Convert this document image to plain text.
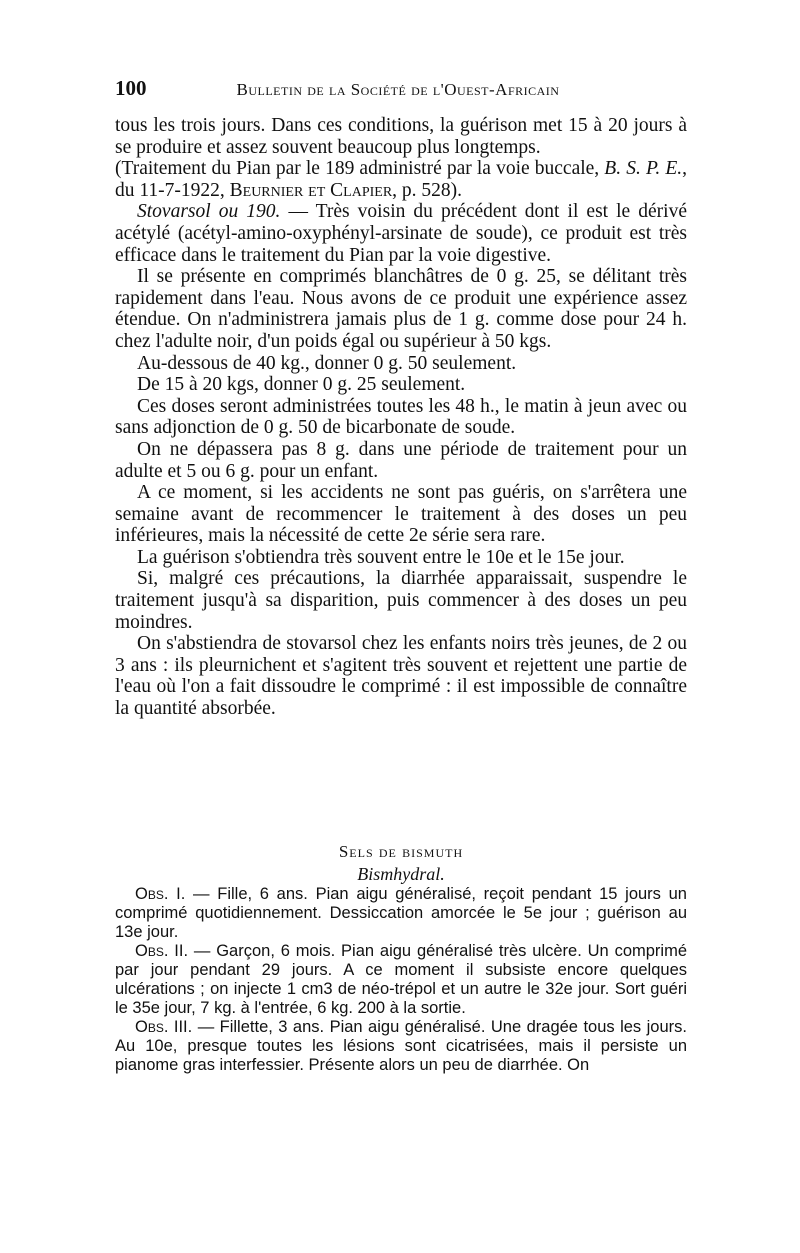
100	Bulletin de la Société de l'Ouest-Africain

tous les trois jours. Dans ces conditions, la guérison met 15 à 20 jours à se produire et assez souvent beaucoup plus longtemps.

(Traitement du Pian par le 189 administré par la voie buccale, B. S. P. E., du 11-7-1922, Beurnier et Clapier, p. 528).

Stovarsol ou 190. — Très voisin du précédent dont il est le dérivé acétylé (acétyl-amino-oxyphényl-arsinate de soude), ce produit est très efficace dans le traitement du Pian par la voie digestive.

Il se présente en comprimés blanchâtres de 0 g. 25, se délitant très rapidement dans l'eau. Nous avons de ce produit une expérience assez étendue. On n'administrera jamais plus de 1 g. comme dose pour 24 h. chez l'adulte noir, d'un poids égal ou supérieur à 50 kgs.

Au-dessous de 40 kg., donner 0 g. 50 seulement.

De 15 à 20 kgs, donner 0 g. 25 seulement.

Ces doses seront administrées toutes les 48 h., le matin à jeun avec ou sans adjonction de 0 g. 50 de bicarbonate de soude.

On ne dépassera pas 8 g. dans une période de traitement pour un adulte et 5 ou 6 g. pour un enfant.

A ce moment, si les accidents ne sont pas guéris, on s'arrêtera une semaine avant de recommencer le traitement à des doses un peu inférieures, mais la nécessité de cette 2e série sera rare.

La guérison s'obtiendra très souvent entre le 10e et le 15e jour.

Si, malgré ces précautions, la diarrhée apparaissait, suspendre le traitement jusqu'à sa disparition, puis commencer à des doses un peu moindres.

On s'abstiendra de stovarsol chez les enfants noirs très jeunes, de 2 ou 3 ans : ils pleurnichent et s'agitent très souvent et rejettent une partie de l'eau où l'on a fait dissoudre le comprimé : il est impossible de connaître la quantité absorbée.

Sels de bismuth
Bismhydral.

Obs. I. — Fille, 6 ans. Pian aigu généralisé, reçoit pendant 15 jours un comprimé quotidiennement. Dessiccation amorcée le 5e jour ; guérison au 13e jour.

Obs. II. — Garçon, 6 mois. Pian aigu généralisé très ulcère. Un comprimé par jour pendant 29 jours. A ce moment il subsiste encore quelques ulcérations ; on injecte 1 cm3 de néo-trépol et un autre le 32e jour. Sort guéri le 35e jour, 7 kg. à l'entrée, 6 kg. 200 à la sortie.

Obs. III. — Fillette, 3 ans. Pian aigu généralisé. Une dragée tous les jours. Au 10e, presque toutes les lésions sont cicatrisées, mais il persiste un pianome gras interfessier. Présente alors un peu de diarrhée. On
